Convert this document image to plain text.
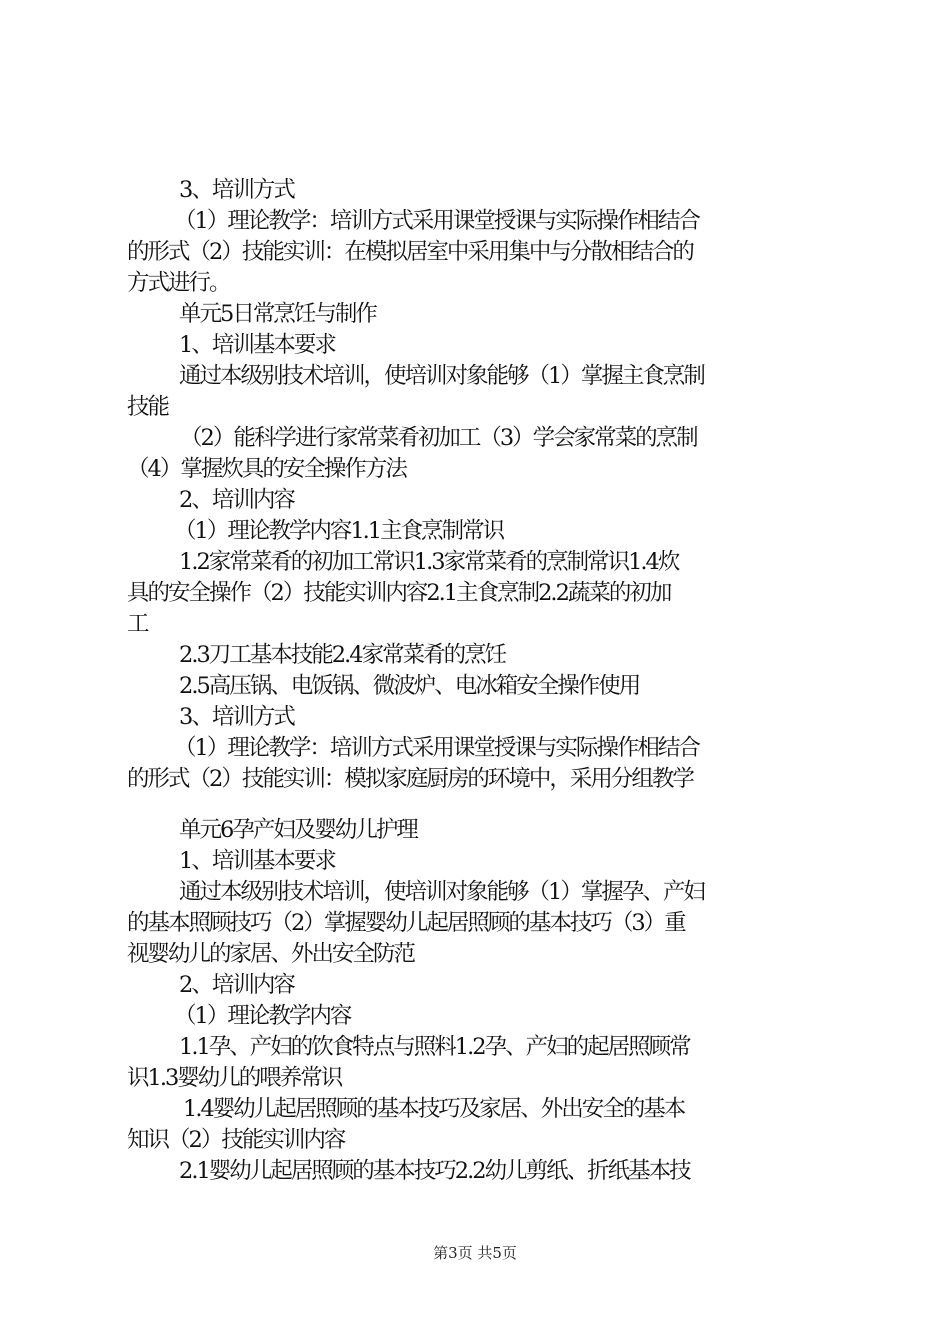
3、培训方式
（1）理论教学：培训方式采用课堂授课与实际操作相结合
的形式（2）技能实训：在模拟居室中采用集中与分散相结合的
方式进行。
单元5日常烹饪与制作
1、培训基本要求
通过本级别技术培训，使培训对象能够（1）掌握主食烹制
技能
（2）能科学进行家常菜肴初加工（3）学会家常菜的烹制
（4）掌握炊具的安全操作方法
2、培训内容
（1）理论教学内容1.1主食烹制常识
1.2家常菜肴的初加工常识1.3家常菜肴的烹制常识1.4炊
具的安全操作（2）技能实训内容2.1主食烹制2.2蔬菜的初加
工
2.3刀工基本技能2.4家常菜肴的烹饪
2.5高压锅、电饭锅、微波炉、电冰箱安全操作使用
3、培训方式
（1）理论教学：培训方式采用课堂授课与实际操作相结合
的形式（2）技能实训：模拟家庭厨房的环境中，采用分组教学
单元6孕产妇及婴幼儿护理
1、培训基本要求
通过本级别技术培训，使培训对象能够（1）掌握孕、产妇
的基本照顾技巧（2）掌握婴幼儿起居照顾的基本技巧（3）重
视婴幼儿的家居、外出安全防范
2、培训内容
（1）理论教学内容
1.1孕、产妇的饮食特点与照料1.2孕、产妇的起居照顾常
识1.3婴幼儿的喂养常识
1.4婴幼儿起居照顾的基本技巧及家居、外出安全的基本
知识（2）技能实训内容
2.1婴幼儿起居照顾的基本技巧2.2幼儿剪纸、折纸基本技
第3页 共5页
